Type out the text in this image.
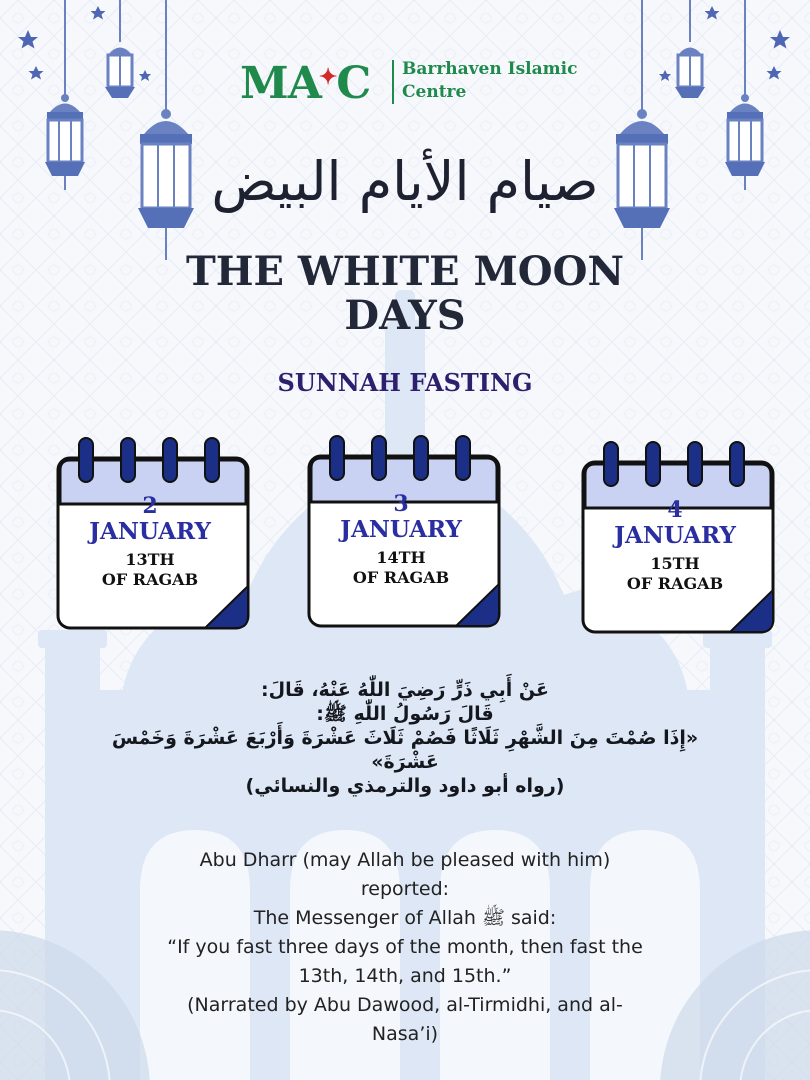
MA✦C Barrhaven Islamic
Centre
صيام الأيام البيض
THE WHITE MOON
DAYS
SUNNAH FASTING
2
JANUARY
13TH
OF RAGAB
3
JANUARY
14TH
OF RAGAB
4
JANUARY
15TH
OF RAGAB
عَنْ أَبِي ذَرٍّ رَضِيَ اللّٰهُ عَنْهُ، قَالَ:
قَالَ رَسُولُ اللّٰهِ ﷺ:
«إِذَا صُمْتَ مِنَ الشَّهْرِ ثَلَاثًا فَصُمْ ثَلَاثَ عَشْرَةَ وَأَرْبَعَ عَشْرَةَ وَخَمْسَ
عَشْرَةَ»
(رواه أبو داود والترمذي والنسائي)
Abu Dharr (may Allah be pleased with him)
reported:
The Messenger of Allah ﷺ said:
“If you fast three days of the month, then fast the
13th, 14th, and 15th.”
(Narrated by Abu Dawood, al-Tirmidhi, and al-
Nasa’i)
